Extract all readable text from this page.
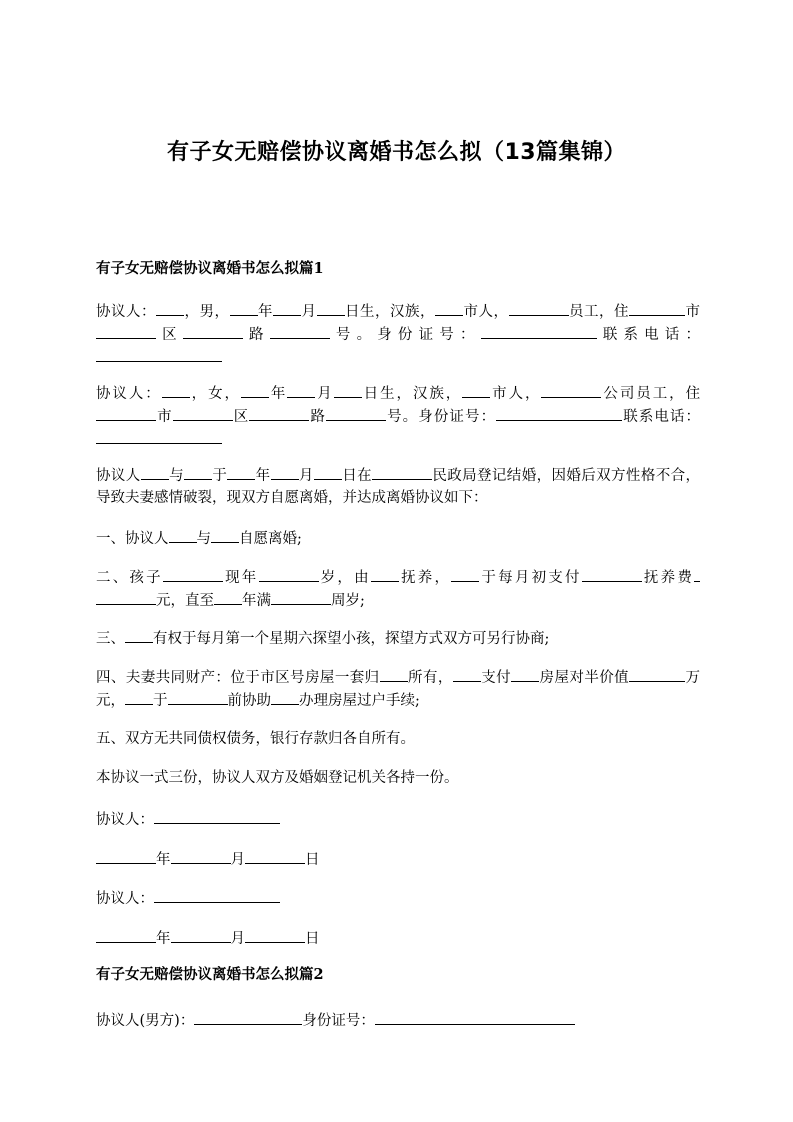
有子女无赔偿协议离婚书怎么拟（13篇集锦）
有子女无赔偿协议离婚书怎么拟篇1
协议人： ，男， 年 月 日生，汉族， 市人，	员工，住	市区	路	号。身份证号：	联系电话：
协议人： ，女， 年 月 日生，汉族， 市人，	公司员工，住市	区	路	号。身份证号：	联系电话：
协议人 与 于 年 月 日在	民政局登记结婚，因婚后双方性格不合，导致夫妻感情破裂，现双方自愿离婚，并达成离婚协议如下：
一、协议人 与 自愿离婚;
二、孩子	现年	岁，由 抚养， 于每月初支付	抚养费元，直至 年满	周岁;
三、 有权于每月第一个星期六探望小孩，探望方式双方可另行协商;
四、夫妻共同财产：位于市区号房屋一套归 所有， 支付 房屋对半价值	万元， 于	前协助 办理房屋过户手续;
五、双方无共同债权债务，银行存款归各自所有。
本协议一式三份，协议人双方及婚姻登记机关各持一份。
协议人：
年	月	日
协议人：
年	月	日
有子女无赔偿协议离婚书怎么拟篇2
协议人(男方)：	身份证号：
